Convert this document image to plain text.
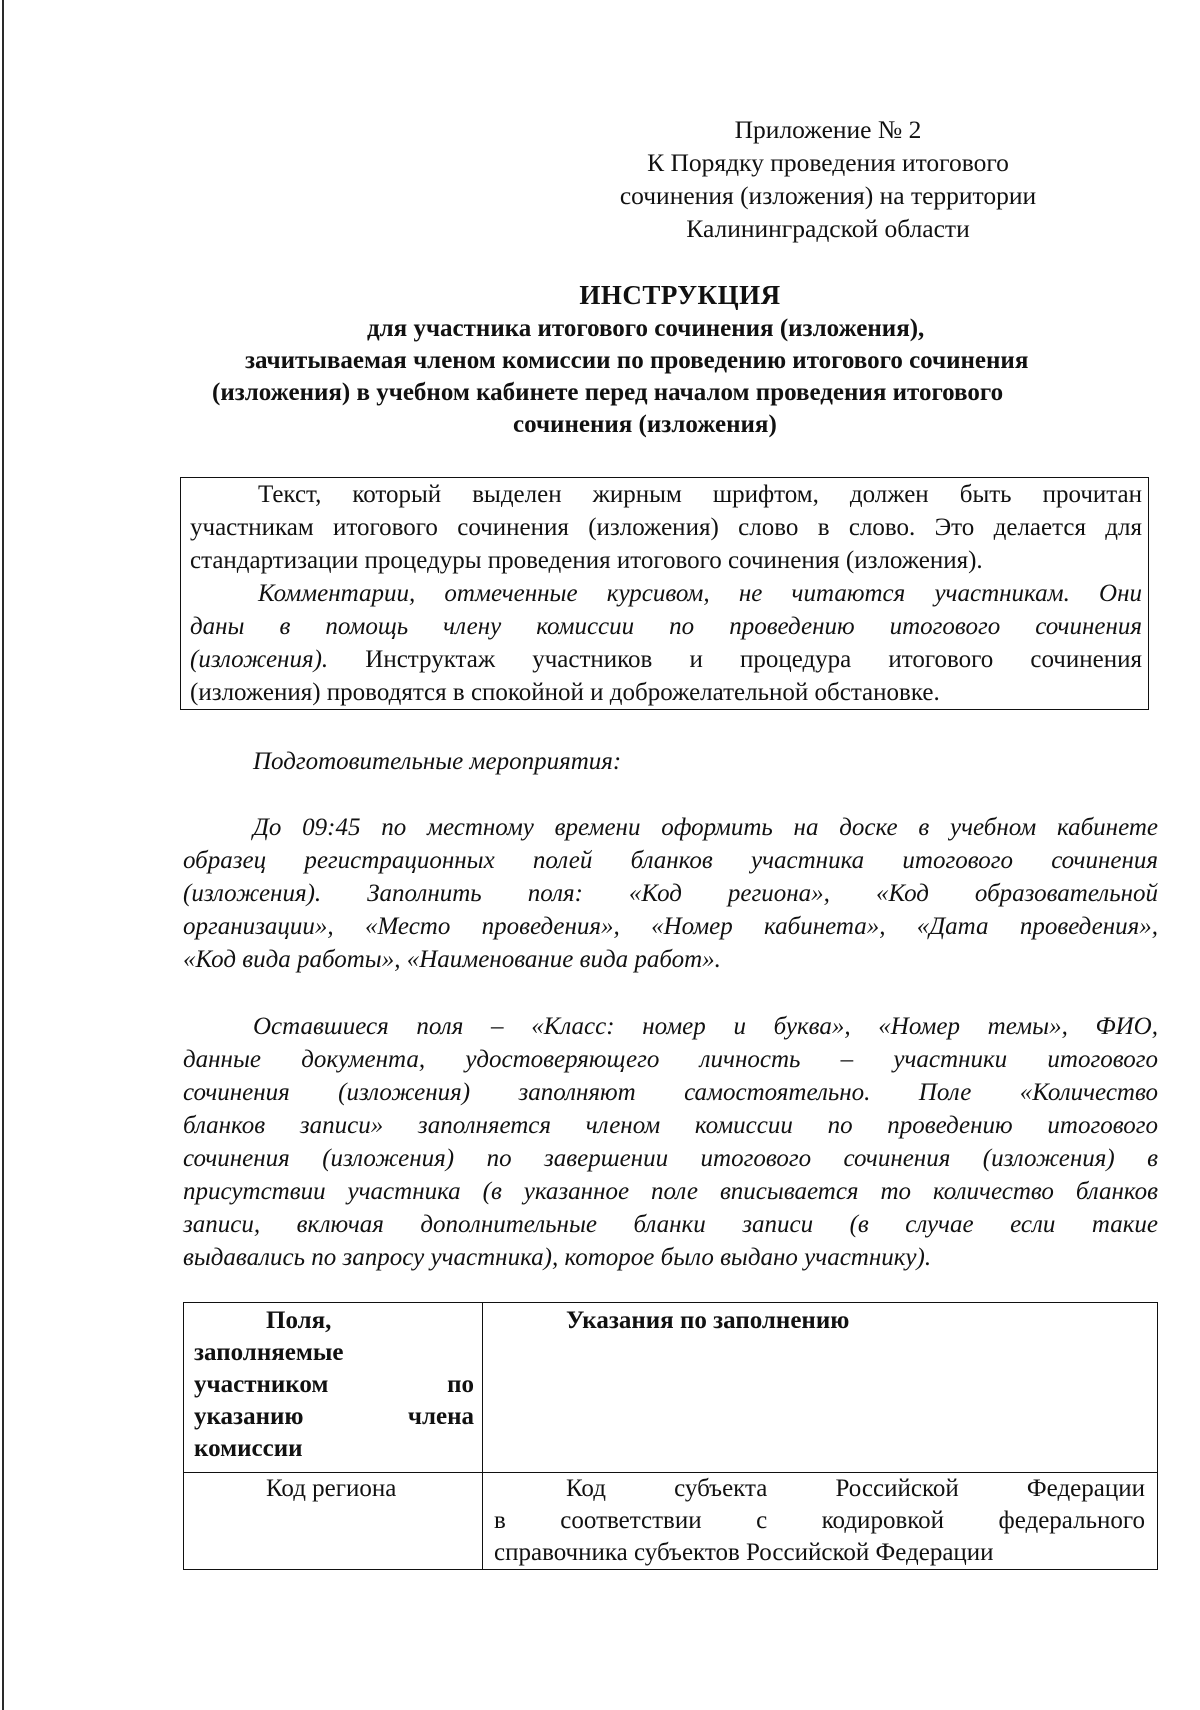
Приложение № 2
К Порядку проведения итогового
сочинения (изложения) на территории
Калининградской области
ИНСТРУКЦИЯ
для участника итогового сочинения (изложения),
зачитываемая членом комиссии по проведению итогового сочинения
(изложения) в учебном кабинете перед началом проведения итогового
сочинения (изложения)
Текст, который выделен жирным шрифтом, должен быть прочитан
участникам итогового сочинения (изложения) слово в слово. Это делается для
стандартизации процедуры проведения итогового сочинения (изложения).
Комментарии, отмеченные курсивом, не читаются участникам. Они
даны в помощь члену комиссии по проведению итогового сочинения
(изложения). Инструктаж участников и процедура итогового сочинения
(изложения) проводятся в спокойной и доброжелательной обстановке.
Подготовительные мероприятия:
До 09:45 по местному времени оформить на доске в учебном кабинете
образец регистрационных полей бланков участника итогового сочинения
(изложения). Заполнить поля: «Код региона», «Код образовательной
организации», «Место проведения», «Номер кабинета», «Дата проведения»,
«Код вида работы», «Наименование вида работ».
Оставшиеся поля – «Класс: номер и буква», «Номер темы», ФИО,
данные документа, удостоверяющего личность – участники итогового
сочинения (изложения) заполняют самостоятельно. Поле «Количество
бланков записи» заполняется членом комиссии по проведению итогового
сочинения (изложения) по завершении итогового сочинения (изложения) в
присутствии участника (в указанное поле вписывается то количество бланков
записи, включая дополнительные бланки записи (в случае если такие
выдавались по запросу участника), которое было выдано участнику).
Поля,
заполняемые
участником по
указанию члена
комиссии
Указания по заполнению
Код региона	Код субъекта Российской Федерации
в соответствии с кодировкой федерального
справочника субъектов Российской Федерации
